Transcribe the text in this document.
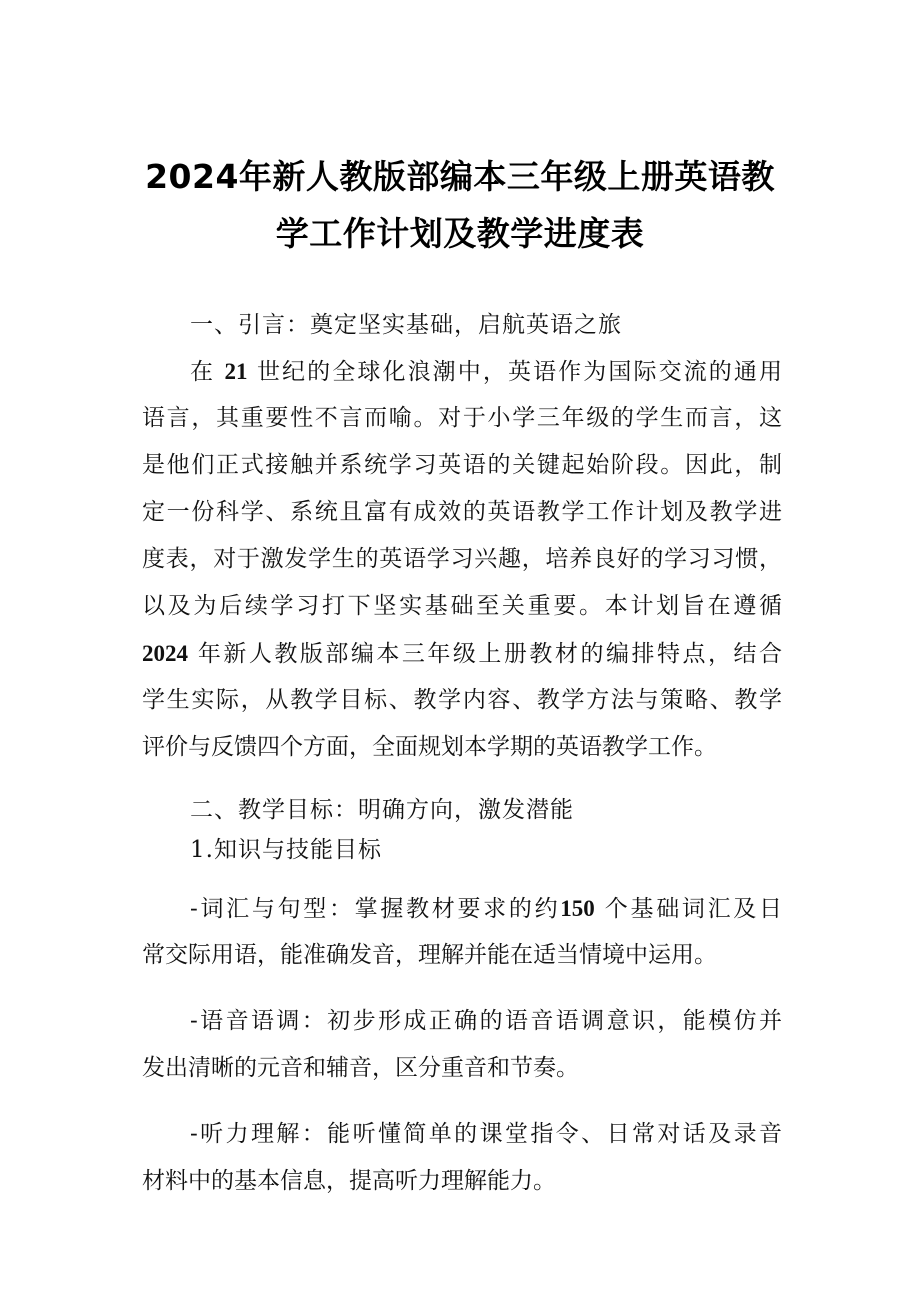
2024年新人教版部编本三年级上册英语教
学工作计划及教学进度表
一、引言：奠定坚实基础，启航英语之旅
在 21 世纪的全球化浪潮中，英语作为国际交流的通用
语言，其重要性不言而喻。对于小学三年级的学生而言，这
是他们正式接触并系统学习英语的关键起始阶段。因此，制
定一份科学、系统且富有成效的英语教学工作计划及教学进
度表，对于激发学生的英语学习兴趣，培养良好的学习习惯，
以及为后续学习打下坚实基础至关重要。本计划旨在遵循
2024 年新人教版部编本三年级上册教材的编排特点，结合
学生实际，从教学目标、教学内容、教学方法与策略、教学
评价与反馈四个方面，全面规划本学期的英语教学工作。
二、教学目标：明确方向，激发潜能
1.知识与技能目标
-词汇与句型：掌握教材要求的约150 个基础词汇及日
常交际用语，能准确发音，理解并能在适当情境中运用。
-语音语调：初步形成正确的语音语调意识，能模仿并
发出清晰的元音和辅音，区分重音和节奏。
-听力理解：能听懂简单的课堂指令、日常对话及录音
材料中的基本信息，提高听力理解能力。
